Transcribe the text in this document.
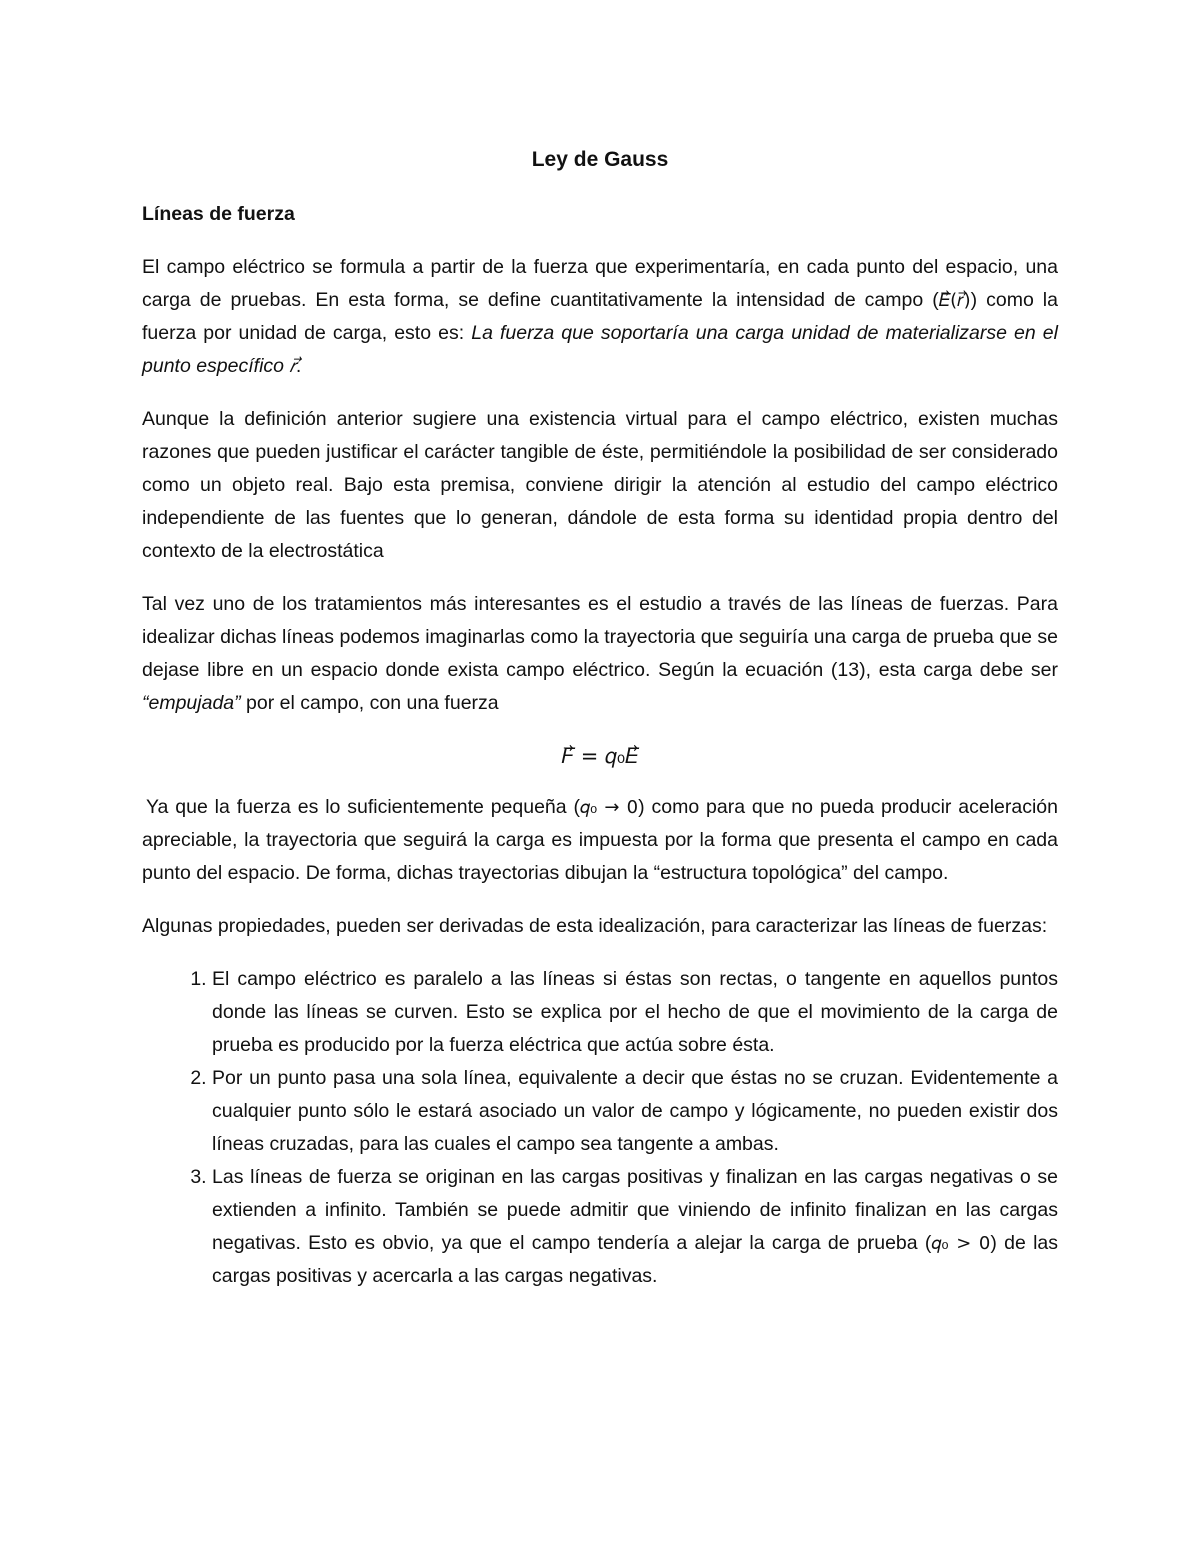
Ley de Gauss
Líneas de fuerza

El campo eléctrico se formula a partir de la fuerza que experimentaría, en cada punto del espacio, una carga de pruebas. En esta forma, se define cuantitativamente la intensidad de campo (𝐸⃗(𝑟⃗)) como la fuerza por unidad de carga, esto es: La fuerza que soportaría una carga unidad de materializarse en el punto específico 𝑟⃗.

Aunque la definición anterior sugiere una existencia virtual para el campo eléctrico, existen muchas razones que pueden justificar el carácter tangible de éste, permitiéndole la posibilidad de ser considerado como un objeto real. Bajo esta premisa, conviene dirigir la atención al estudio del campo eléctrico independiente de las fuentes que lo generan, dándole de esta forma su identidad propia dentro del contexto de la electrostática

Tal vez uno de los tratamientos más interesantes es el estudio a través de las líneas de fuerzas. Para idealizar dichas líneas podemos imaginarlas como la trayectoria que seguiría una carga de prueba que se dejase libre en un espacio donde exista campo eléctrico. Según la ecuación (13), esta carga debe ser “empujada” por el campo, con una fuerza

𝐹⃗ = 𝑞₀𝐸⃗

Ya que la fuerza es lo suficientemente pequeña (𝑞₀ → 0) como para que no pueda producir aceleración apreciable, la trayectoria que seguirá la carga es impuesta por la forma que presenta el campo en cada punto del espacio. De forma, dichas trayectorias dibujan la “estructura topológica” del campo.

Algunas propiedades, pueden ser derivadas de esta idealización, para caracterizar las líneas de fuerzas:

1. El campo eléctrico es paralelo a las líneas si éstas son rectas, o tangente en aquellos puntos donde las líneas se curven. Esto se explica por el hecho de que el movimiento de la carga de prueba es producido por la fuerza eléctrica que actúa sobre ésta.
2. Por un punto pasa una sola línea, equivalente a decir que éstas no se cruzan. Evidentemente a cualquier punto sólo le estará asociado un valor de campo y lógicamente, no pueden existir dos líneas cruzadas, para las cuales el campo sea tangente a ambas.
3. Las líneas de fuerza se originan en las cargas positivas y finalizan en las cargas negativas o se extienden a infinito. También se puede admitir que viniendo de infinito finalizan en las cargas negativas. Esto es obvio, ya que el campo tendería a alejar la carga de prueba (𝑞₀ > 0) de las cargas positivas y acercarla a las cargas negativas.
